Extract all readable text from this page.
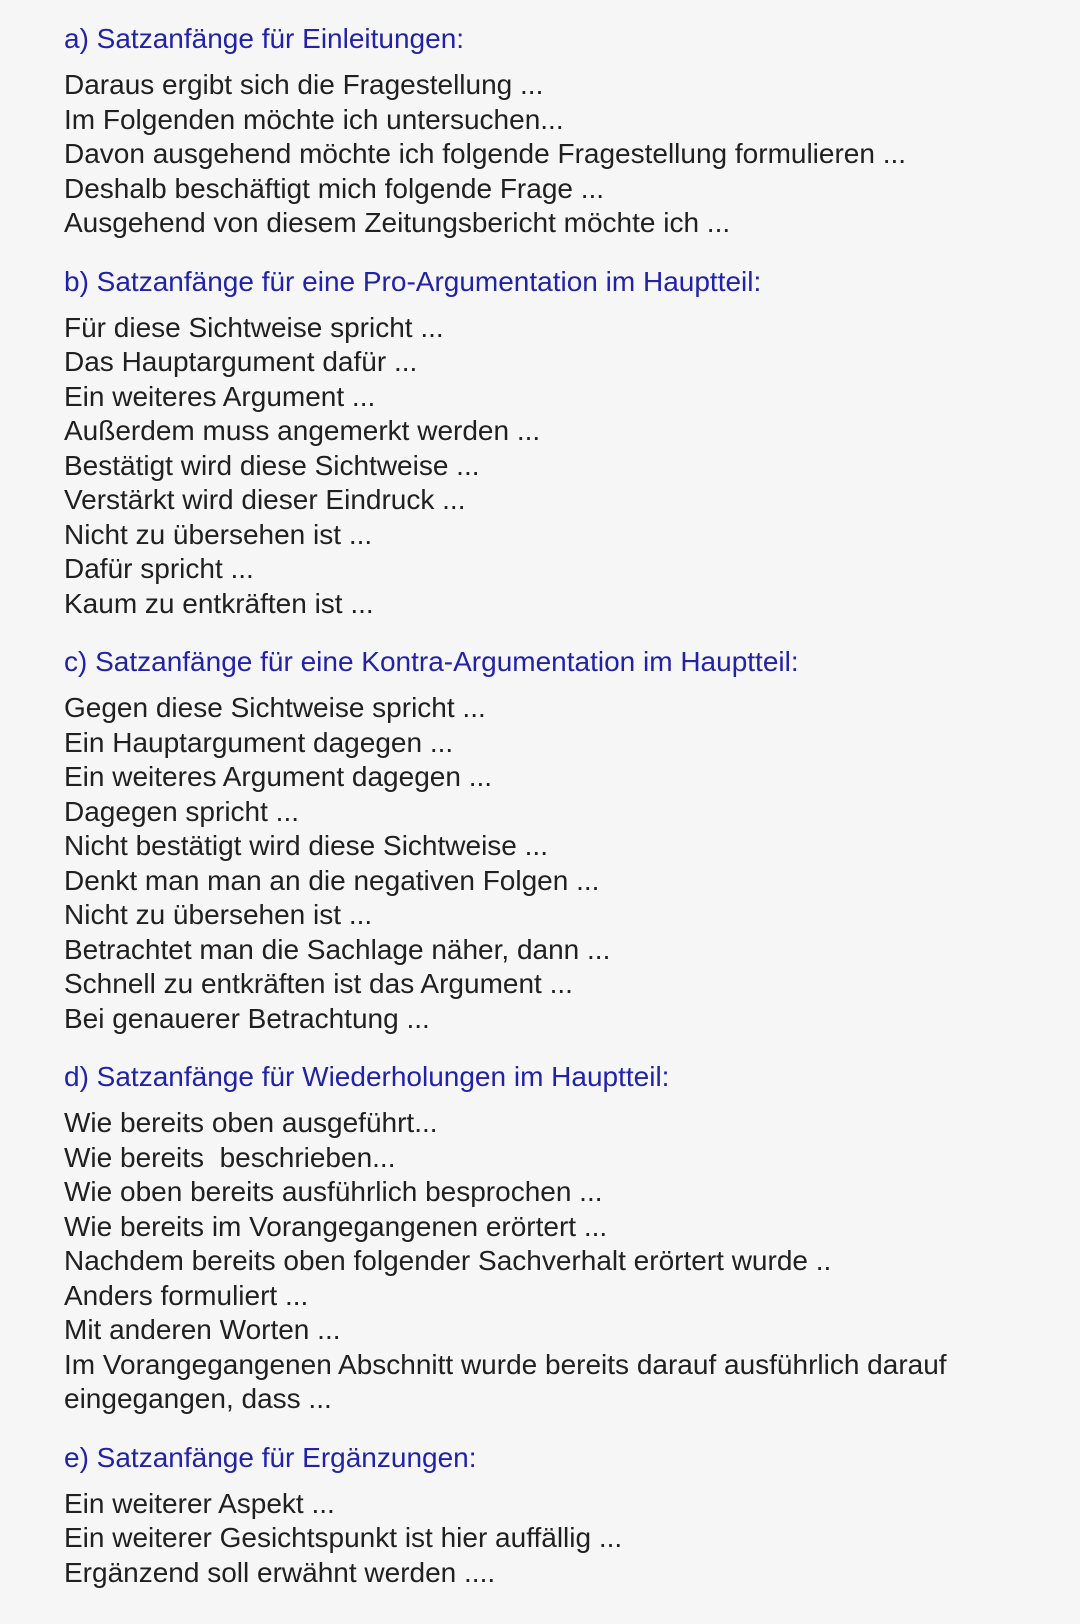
a) Satzanfänge für Einleitungen:

Daraus ergibt sich die Fragestellung ...

Im Folgenden möchte ich untersuchen...

Davon ausgehend möchte ich folgende Fragestellung formulieren ...

Deshalb beschäftigt mich folgende Frage ...

Ausgehend von diesem Zeitungsbericht möchte ich ...

b) Satzanfänge für eine Pro-Argumentation im Hauptteil:

Für diese Sichtweise spricht ...

Das Hauptargument dafür ...

Ein weiteres Argument ...

Außerdem muss angemerkt werden ...

Bestätigt wird diese Sichtweise ...

Verstärkt wird dieser Eindruck ...

Nicht zu übersehen ist ...

Dafür spricht ...

Kaum zu entkräften ist ...

c) Satzanfänge für eine Kontra-Argumentation im Hauptteil:

Gegen diese Sichtweise spricht ...

Ein Hauptargument dagegen ...

Ein weiteres Argument dagegen ...

Dagegen spricht ...

Nicht bestätigt wird diese Sichtweise ...

Denkt man man an die negativen Folgen ...

Nicht zu übersehen ist ...

Betrachtet man die Sachlage näher, dann ...

Schnell zu entkräften ist das Argument ...

Bei genauerer Betrachtung ...

d) Satzanfänge für Wiederholungen im Hauptteil:

Wie bereits oben ausgeführt...

Wie bereits  beschrieben...

Wie oben bereits ausführlich besprochen ...

Wie bereits im Vorangegangenen erörtert ...

Nachdem bereits oben folgender Sachverhalt erörtert wurde ..

Anders formuliert ...

Mit anderen Worten ...

Im Vorangegangenen Abschnitt wurde bereits darauf ausführlich darauf

eingegangen, dass ...

e) Satzanfänge für Ergänzungen:

Ein weiterer Aspekt ...

Ein weiterer Gesichtspunkt ist hier auffällig ...

Ergänzend soll erwähnt werden ....
